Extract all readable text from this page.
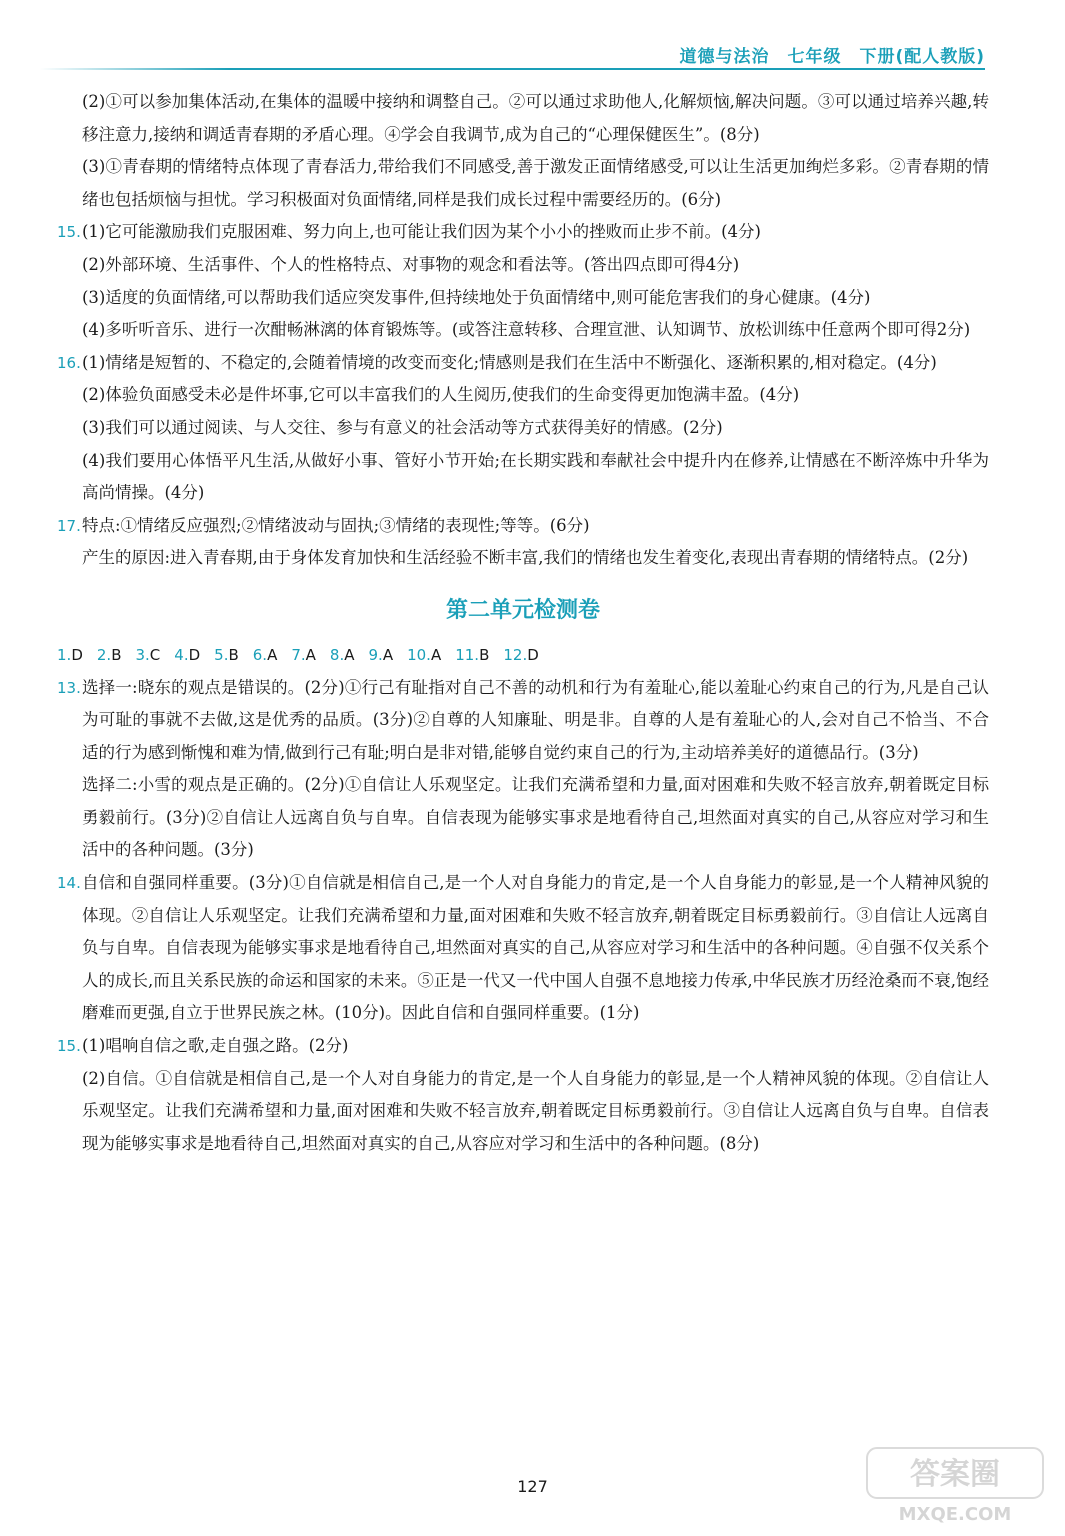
道德与法治　七年级　下册(配人教版)

(2)①可以参加集体活动,在集体的温暖中接纳和调整自己。②可以通过求助他人,化解烦恼,解决问题。③可以通过培养兴趣,转移注意力,接纳和调适青春期的矛盾心理。④学会自我调节,成为自己的“心理保健医生”。(8分)

(3)①青春期的情绪特点体现了青春活力,带给我们不同感受,善于激发正面情绪感受,可以让生活更加绚烂多彩。②青春期的情绪也包括烦恼与担忧。学习积极面对负面情绪,同样是我们成长过程中需要经历的。(6分)

15. (1)它可能激励我们克服困难、努力向上,也可能让我们因为某个小小的挫败而止步不前。(4分)

(2)外部环境、生活事件、个人的性格特点、对事物的观念和看法等。(答出四点即可得4分)

(3)适度的负面情绪,可以帮助我们适应突发事件,但持续地处于负面情绪中,则可能危害我们的身心健康。(4分)

(4)多听听音乐、进行一次酣畅淋漓的体育锻炼等。(或答注意转移、合理宣泄、认知调节、放松训练中任意两个即可得2分)

16. (1)情绪是短暂的、不稳定的,会随着情境的改变而变化;情感则是我们在生活中不断强化、逐渐积累的,相对稳定。(4分)

(2)体验负面感受未必是件坏事,它可以丰富我们的人生阅历,使我们的生命变得更加饱满丰盈。(4分)

(3)我们可以通过阅读、与人交往、参与有意义的社会活动等方式获得美好的情感。(2分)

(4)我们要用心体悟平凡生活,从做好小事、管好小节开始;在长期实践和奉献社会中提升内在修养,让情感在不断淬炼中升华为高尚情操。(4分)

17. 特点:①情绪反应强烈;②情绪波动与固执;③情绪的表现性;等等。(6分)

产生的原因:进入青春期,由于身体发育加快和生活经验不断丰富,我们的情绪也发生着变化,表现出青春期的情绪特点。(2分)

第二单元检测卷
1.D 2.B 3.C 4.D 5.B 6.A 7.A 8.A 9.A 10.A 11.B 12.D
13. 选择一:晓东的观点是错误的。(2分)①行己有耻指对自己不善的动机和行为有羞耻心,能以羞耻心约束自己的行为,凡是自己认为可耻的事就不去做,这是优秀的品质。(3分)②自尊的人知廉耻、明是非。自尊的人是有羞耻心的人,会对自己不恰当、不合适的行为感到惭愧和难为情,做到行己有耻;明白是非对错,能够自觉约束自己的行为,主动培养美好的道德品行。(3分)

选择二:小雪的观点是正确的。(2分)①自信让人乐观坚定。让我们充满希望和力量,面对困难和失败不轻言放弃,朝着既定目标勇毅前行。(3分)②自信让人远离自负与自卑。自信表现为能够实事求是地看待自己,坦然面对真实的自己,从容应对学习和生活中的各种问题。(3分)

14. 自信和自强同样重要。(3分)①自信就是相信自己,是一个人对自身能力的肯定,是一个人自身能力的彰显,是一个人精神风貌的体现。②自信让人乐观坚定。让我们充满希望和力量,面对困难和失败不轻言放弃,朝着既定目标勇毅前行。③自信让人远离自负与自卑。自信表现为能够实事求是地看待自己,坦然面对真实的自己,从容应对学习和生活中的各种问题。④自强不仅关系个人的成长,而且关系民族的命运和国家的未来。⑤正是一代又一代中国人自强不息地接力传承,中华民族才历经沧桑而不衰,饱经磨难而更强,自立于世界民族之林。(10分)。因此自信和自强同样重要。(1分)

15. (1)唱响自信之歌,走自强之路。(2分)

(2)自信。①自信就是相信自己,是一个人对自身能力的肯定,是一个人自身能力的彰显,是一个人精神风貌的体现。②自信让人乐观坚定。让我们充满希望和力量,面对困难和失败不轻言放弃,朝着既定目标勇毅前行。③自信让人远离自负与自卑。自信表现为能够实事求是地看待自己,坦然面对真实的自己,从容应对学习和生活中的各种问题。(8分)

127	答案圈
MXQE.COM
